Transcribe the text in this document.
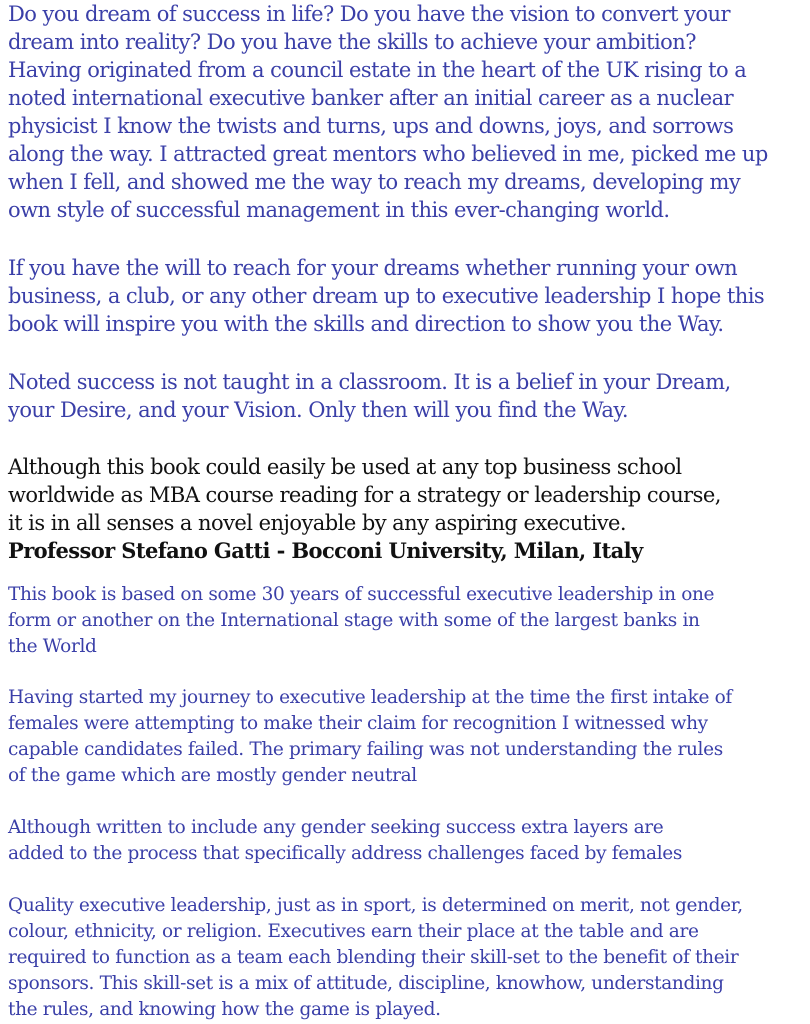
Do you dream of success in life? Do you have the vision to convert your
dream into reality? Do you have the skills to achieve your ambition?
Having originated from a council estate in the heart of the UK rising to a
noted international executive banker after an initial career as a nuclear
physicist I know the twists and turns, ups and downs, joys, and sorrows
along the way. I attracted great mentors who believed in me, picked me up
when I fell, and showed me the way to reach my dreams, developing my
own style of successful management in this ever-changing world.

If you have the will to reach for your dreams whether running your own
business, a club, or any other dream up to executive leadership I hope this
book will inspire you with the skills and direction to show you the Way.

Noted success is not taught in a classroom. It is a belief in your Dream,
your Desire, and your Vision. Only then will you find the Way.

Although this book could easily be used at any top business school
worldwide as MBA course reading for a strategy or leadership course,
it is in all senses a novel enjoyable by any aspiring executive.

Professor Stefano Gatti - Bocconi University, Milan, Italy

This book is based on some 30 years of successful executive leadership in one
form or another on the International stage with some of the largest banks in
the World

Having started my journey to executive leadership at the time the first intake of
females were attempting to make their claim for recognition I witnessed why
capable candidates failed. The primary failing was not understanding the rules
of the game which are mostly gender neutral

Although written to include any gender seeking success extra layers are
added to the process that specifically address challenges faced by females

Quality executive leadership, just as in sport, is determined on merit, not gender,
colour, ethnicity, or religion. Executives earn their place at the table and are
required to function as a team each blending their skill-set to the benefit of their
sponsors. This skill-set is a mix of attitude, discipline, knowhow, understanding
the rules, and knowing how the game is played.
